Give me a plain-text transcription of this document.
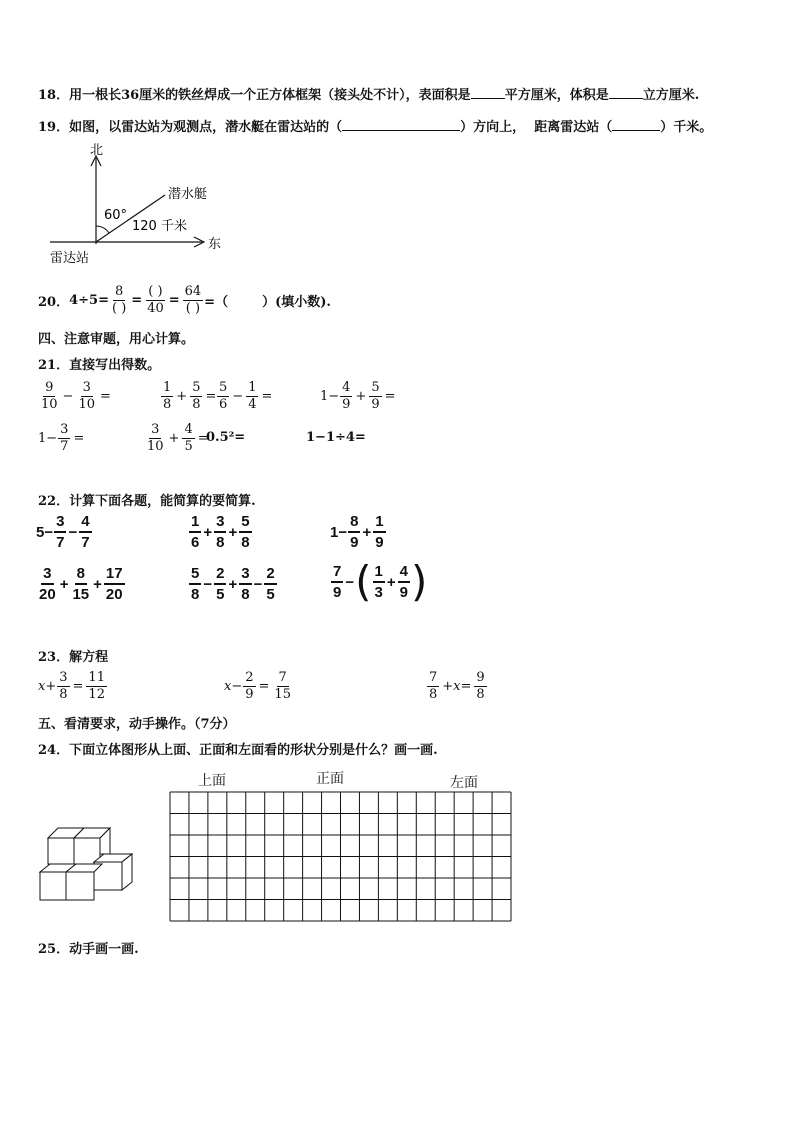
18．用一根长36厘米的铁丝焊成一个正方体框架（接头处不计），表面积是	平方厘米，体积是	立方厘米.
19．如图，以雷达站为观测点，潜水艇在雷达站的（	）方向上， 距离雷达站（	）千米。
北
东
雷达站
潜水艇
60°
120 千米
20． $4\div 5= \frac{8}{( )} = \frac{( )}{40} = \frac{64}{( )}$ =（	）(填小数).
四、注意审题，用心计算。
21．直接写出得数。
$\frac{9}{10} - \frac{3}{10}$ =	$\frac{1}{8} + \frac{5}{8} = \frac{5}{6} - \frac{1}{4}$ =	$1- \frac{4}{9} + \frac{5}{9}$ =
$1- \frac{3}{7}$ =	$\frac{3}{10} + \frac{4}{5}$ =
0.5²=	1−1÷4=
22．计算下面各题，能简算的要简算.
$5- \frac{3}{7} - \frac{4}{7}$	$\frac{1}{6} + \frac{3}{8} + \frac{5}{8}$	$1- \frac{8}{9} + \frac{1}{9}$
$\frac{3}{20} + \frac{8}{15} + \frac{17}{20}$	$\frac{5}{8} - \frac{2}{5} + \frac{3}{8} - \frac{2}{5}$	$\frac{7}{9}$ − ( $\frac{1}{3} + \frac{4}{9}$ )
23．解方程
$x+ \frac{3}{8} = \frac{11}{12}$	$x- \frac{2}{9} = \frac{7}{15}$	$\frac{7}{8} +x= \frac{9}{8}$
五、看清要求，动手操作。（7分）
24．下面立体图形从上面、正面和左面看的形状分别是什么？画一画.
上面	正面	左面
25．动手画一画.
